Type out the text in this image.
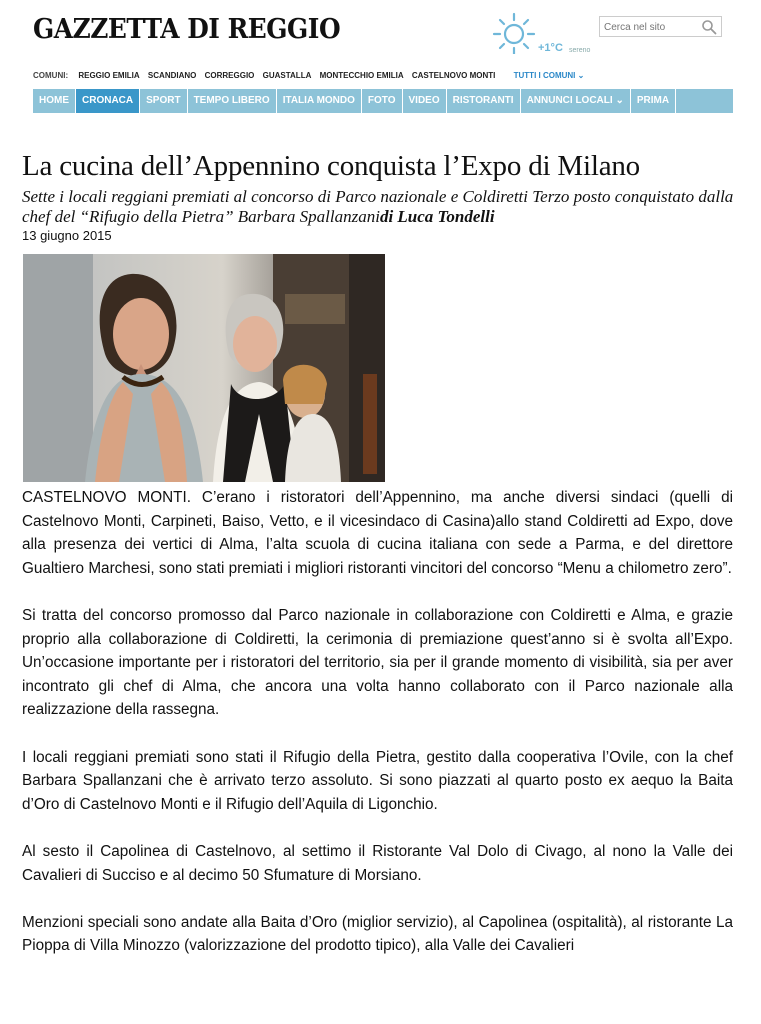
GAZZETTA DI REGGIO
+1°C sereno
Cerca nel sito
COMUNI: REGGIO EMILIA SCANDIANO CORREGGIO GUASTALLA MONTECCHIO EMILIA CASTELNOVO MONTI TUTTI I COMUNI ⌄
HOME	CRONACA	SPORT	TEMPO LIBERO	ITALIA MONDO	FOTO	VIDEO	RISTORANTI	ANNUNCI LOCALI ⌄	PRIMA
La cucina dell’Appennino conquista l’Expo di Milano
Sette i locali reggiani premiati al concorso di Parco nazionale e Coldiretti Terzo posto conquistato dalla chef del “Rifugio della Pietra” Barbara Spallanzanidi Luca Tondelli
13 giugno 2015

CASTELNOVO MONTI. C’erano i ristoratori dell’Appennino, ma anche diversi sindaci (quelli di Castelnovo Monti, Carpineti, Baiso, Vetto, e il vicesindaco di Casina)allo stand Coldiretti ad Expo, dove alla presenza dei vertici di Alma, l’alta scuola di cucina italiana con sede a Parma, e del direttore Gualtiero Marchesi, sono stati premiati i migliori ristoranti vincitori del concorso “Menu a chilometro zero”.

Si tratta del concorso promosso dal Parco nazionale in collaborazione con Coldiretti e Alma, e grazie proprio alla collaborazione di Coldiretti, la cerimonia di premiazione quest’anno si è svolta all’Expo. Un’occasione importante per i ristoratori del territorio, sia per il grande momento di visibilità, sia per aver incontrato gli chef di Alma, che ancora una volta hanno collaborato con il Parco nazionale alla realizzazione della rassegna.

I locali reggiani premiati sono stati il Rifugio della Pietra, gestito dalla cooperativa l’Ovile, con la chef Barbara Spallanzani che è arrivato terzo assoluto. Si sono piazzati al quarto posto ex aequo la Baita d’Oro di Castelnovo Monti e il Rifugio dell’Aquila di Ligonchio.

Al sesto il Capolinea di Castelnovo, al settimo il Ristorante Val Dolo di Civago, al nono la Valle dei Cavalieri di Succiso e al decimo 50 Sfumature di Morsiano.

Menzioni speciali sono andate alla Baita d’Oro (miglior servizio), al Capolinea (ospitalità), al ristorante La Pioppa di Villa Minozzo (valorizzazione del prodotto tipico), alla Valle dei Cavalieri
